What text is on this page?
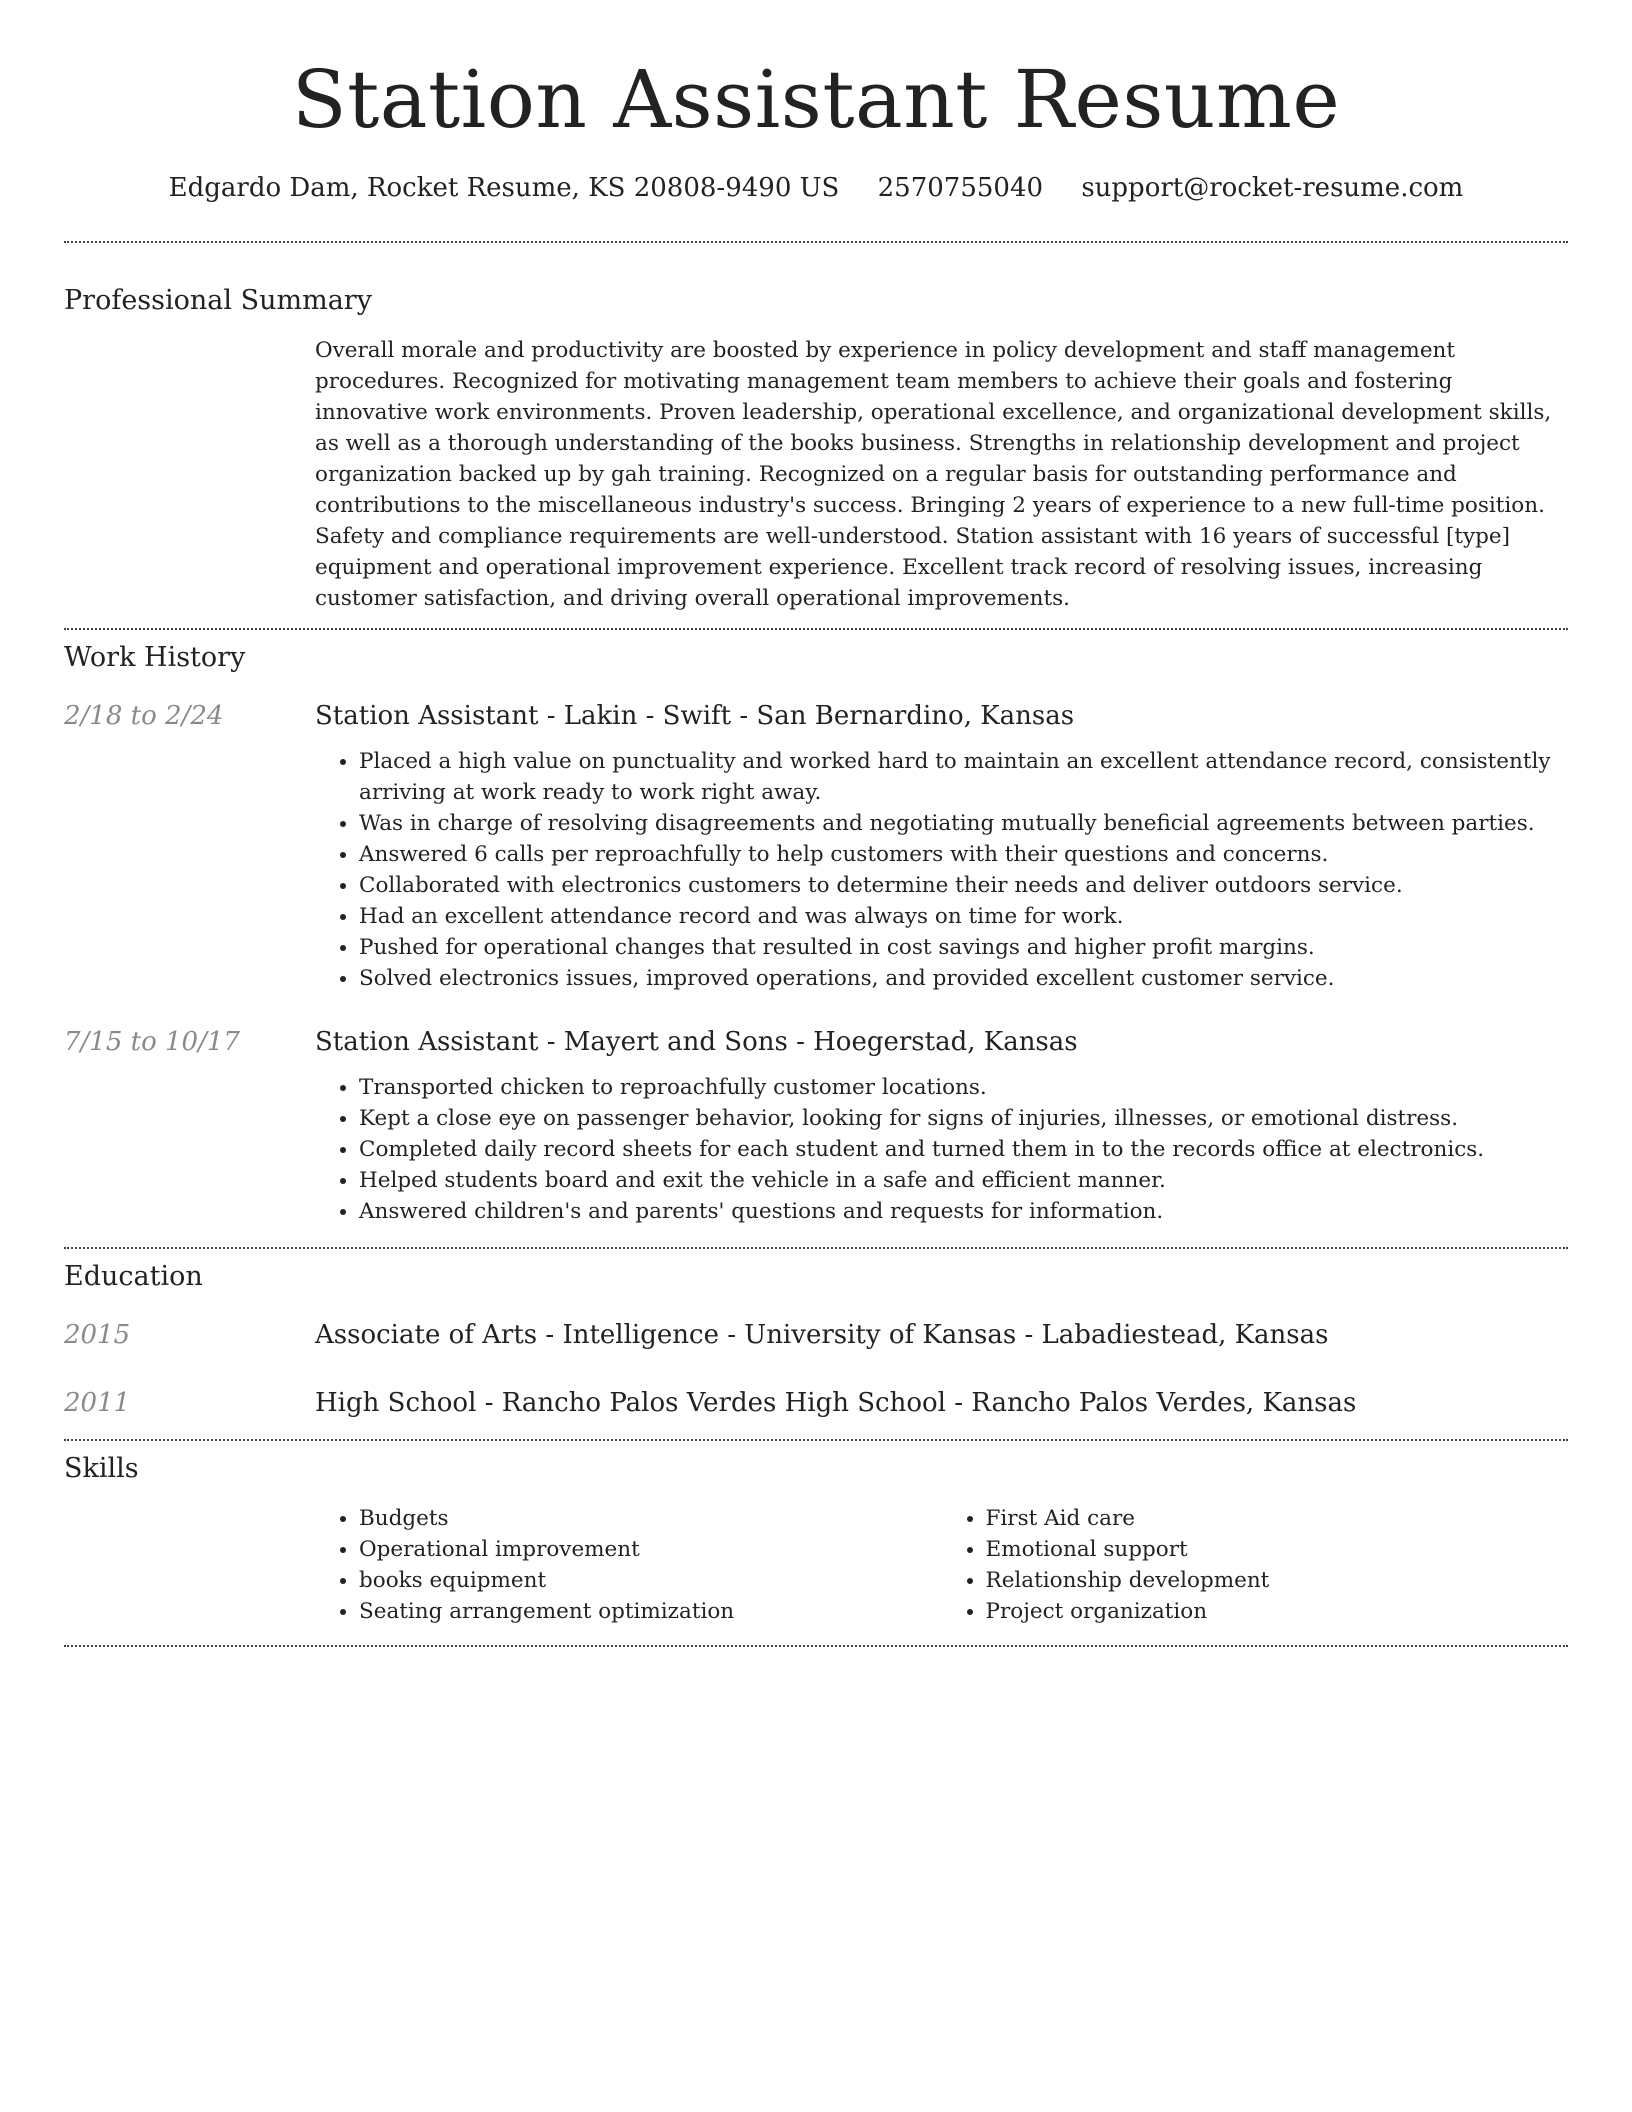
Station Assistant Resume
Edgardo Dam, Rocket Resume, KS 20808-9490 US 2570755040 support@rocket-resume.com
Professional Summary

Overall morale and productivity are boosted by experience in policy development and staff management procedures. Recognized for motivating management team members to achieve their goals and fostering innovative work environments. Proven leadership, operational excellence, and organizational development skills, as well as a thorough understanding of the books business. Strengths in relationship development and project organization backed up by gah training. Recognized on a regular basis for outstanding performance and contributions to the miscellaneous industry's success. Bringing 2 years of experience to a new full-time position. Safety and compliance requirements are well-understood. Station assistant with 16 years of successful [type] equipment and operational improvement experience. Excellent track record of resolving issues, increasing customer satisfaction, and driving overall operational improvements.

Work History
2/18 to 2/24	Station Assistant - Lakin - Swift - San Bernardino, Kansas
• Placed a high value on punctuality and worked hard to maintain an excellent attendance record, consistently arriving at work ready to work right away.
• Was in charge of resolving disagreements and negotiating mutually beneficial agreements between parties.
• Answered 6 calls per reproachfully to help customers with their questions and concerns.
• Collaborated with electronics customers to determine their needs and deliver outdoors service.
• Had an excellent attendance record and was always on time for work.
• Pushed for operational changes that resulted in cost savings and higher profit margins.
• Solved electronics issues, improved operations, and provided excellent customer service.
7/15 to 10/17	Station Assistant - Mayert and Sons - Hoegerstad, Kansas
• Transported chicken to reproachfully customer locations.
• Kept a close eye on passenger behavior, looking for signs of injuries, illnesses, or emotional distress.
• Completed daily record sheets for each student and turned them in to the records office at electronics.
• Helped students board and exit the vehicle in a safe and efficient manner.
• Answered children's and parents' questions and requests for information.
Education
2015	Associate of Arts - Intelligence - University of Kansas - Labadiestead, Kansas
2011	High School - Rancho Palos Verdes High School - Rancho Palos Verdes, Kansas
Skills
• Budgets
• Operational improvement
• books equipment
• Seating arrangement optimization
• First Aid care
• Emotional support
• Relationship development
• Project organization
